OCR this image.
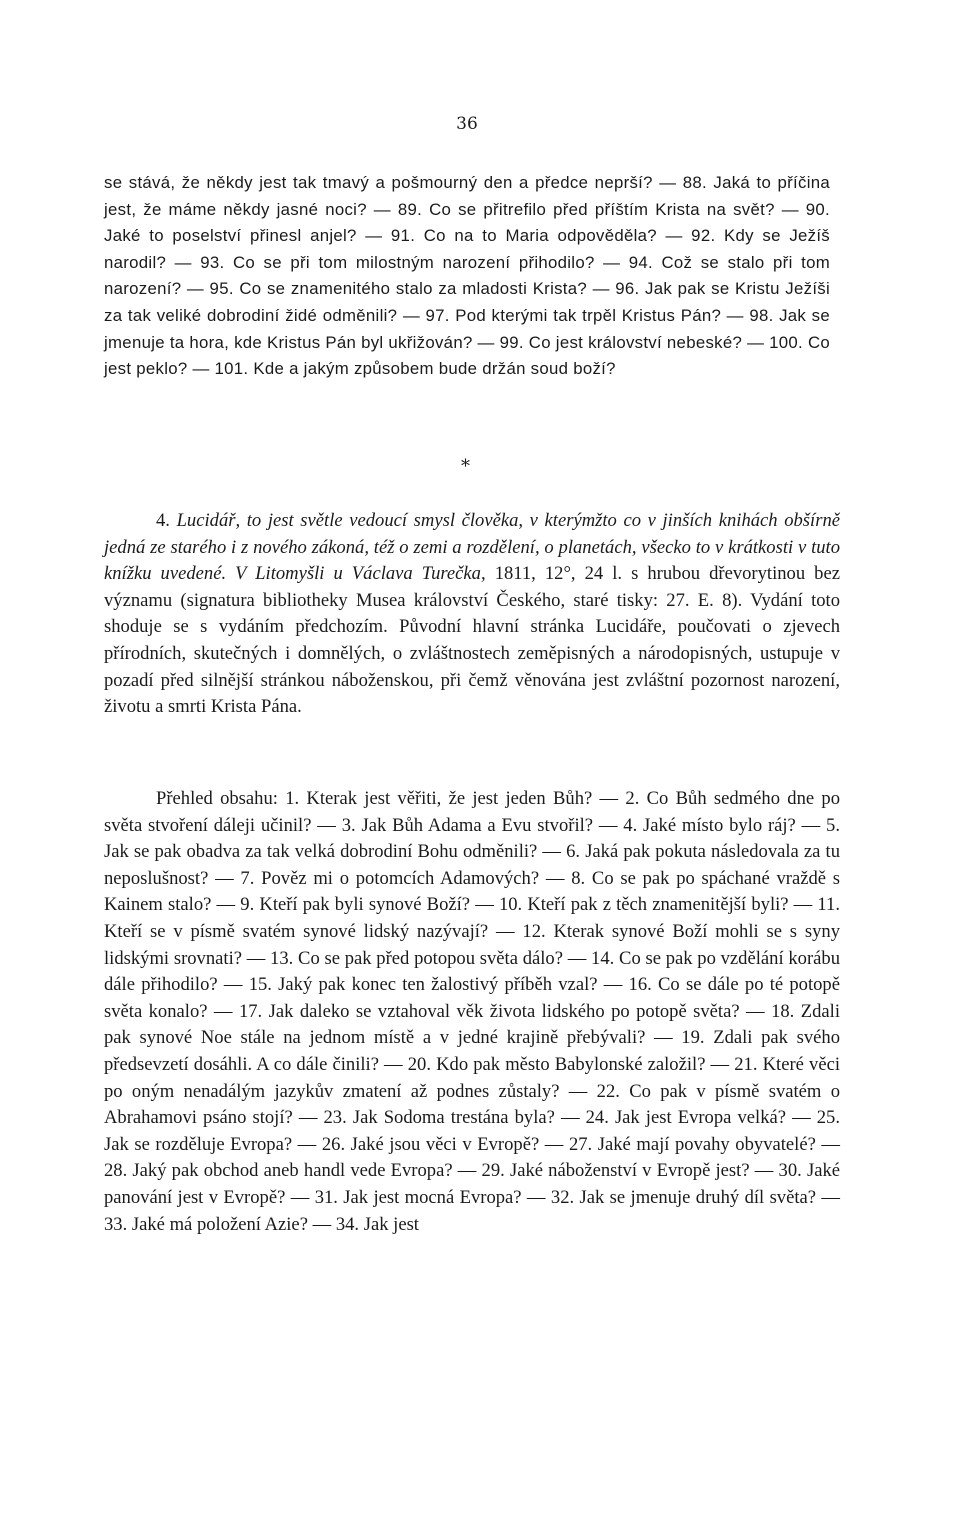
36

se stává, že někdy jest tak tmavý a pošmourný den a předce neprší? — 88. Jaká to příčina jest, že máme někdy jasné noci? — 89. Co se přitrefilo před příštím Krista na svět? — 90. Jaké to poselství přinesl anjel? — 91. Co na to Maria odpověděla? — 92. Kdy se Ježíš narodil? — 93. Co se při tom milostným narození přihodilo? — 94. Což se stalo při tom narození? — 95. Co se znamenitého stalo za mladosti Krista? — 96. Jak pak se Kristu Ježíši za tak veliké dobrodiní židé odměnili? — 97. Pod kterými tak trpěl Kristus Pán? — 98. Jak se jmenuje ta hora, kde Kristus Pán byl ukřižován? — 99. Co jest království nebeské? — 100. Co jest peklo? — 101. Kde a jakým způsobem bude držán soud boží?

*

4. Lucidář, to jest světle vedoucí smysl člověka, v kterýmžto co v jinších knihách obšírně jedná ze starého i z nového zákoná, též o zemi a rozdělení, o planetách, všecko to v krátkosti v tuto knížku uvedené. V Litomyšli u Václava Turečka, 1811, 12°, 24 l. s hrubou dřevorytinou bez významu (signatura bibliotheky Musea království Českého, staré tisky: 27. E. 8). Vydání toto shoduje se s vydáním předchozím. Původní hlavní stránka Lucidáře, poučovati o zjevech přírodních, skutečných i domnělých, o zvláštnostech zeměpisných a národopisných, ustupuje v pozadí před silnější stránkou náboženskou, při čemž věnována jest zvláštní pozornost narození, životu a smrti Krista Pána.

Přehled obsahu: 1. Kterak jest věřiti, že jest jeden Bůh? — 2. Co Bůh sedmého dne po světa stvoření dáleji učinil? — 3. Jak Bůh Adama a Evu stvořil? — 4. Jaké místo bylo ráj? — 5. Jak se pak obadva za tak velká dobrodiní Bohu odměnili? — 6. Jaká pak pokuta následovala za tu neposlušnost? — 7. Pověz mi o potomcích Adamových? — 8. Co se pak po spáchané vraždě s Kainem stalo? — 9. Kteří pak byli synové Boží? — 10. Kteří pak z těch znamenitější byli? — 11. Kteří se v písmě svatém synové lidský nazývají? — 12. Kterak synové Boží mohli se s syny lidskými srovnati? — 13. Co se pak před potopou světa dálo? — 14. Co se pak po vzdělání korábu dále přihodilo? — 15. Jaký pak konec ten žalostivý příběh vzal? — 16. Co se dále po té potopě světa konalo? — 17. Jak daleko se vztahoval věk života lidského po potopě světa? — 18. Zdali pak synové Noe stále na jednom místě a v jedné krajině přebývali? — 19. Zdali pak svého předsevzetí dosáhli. A co dále činili? — 20. Kdo pak město Babylonské založil? — 21. Které věci po oným nenadálým jazykův zmatení až podnes zůstaly? — 22. Co pak v písmě svatém o Abrahamovi psáno stojí? — 23. Jak Sodoma trestána byla? — 24. Jak jest Evropa velká? — 25. Jak se rozděluje Evropa? — 26. Jaké jsou věci v Evropě? — 27. Jaké mají povahy obyvatelé? — 28. Jaký pak obchod aneb handl vede Evropa? — 29. Jaké náboženství v Evropě jest? — 30. Jaké panování jest v Evropě? — 31. Jak jest mocná Evropa? — 32. Jak se jmenuje druhý díl světa? — 33. Jaké má položení Azie? — 34. Jak jest
